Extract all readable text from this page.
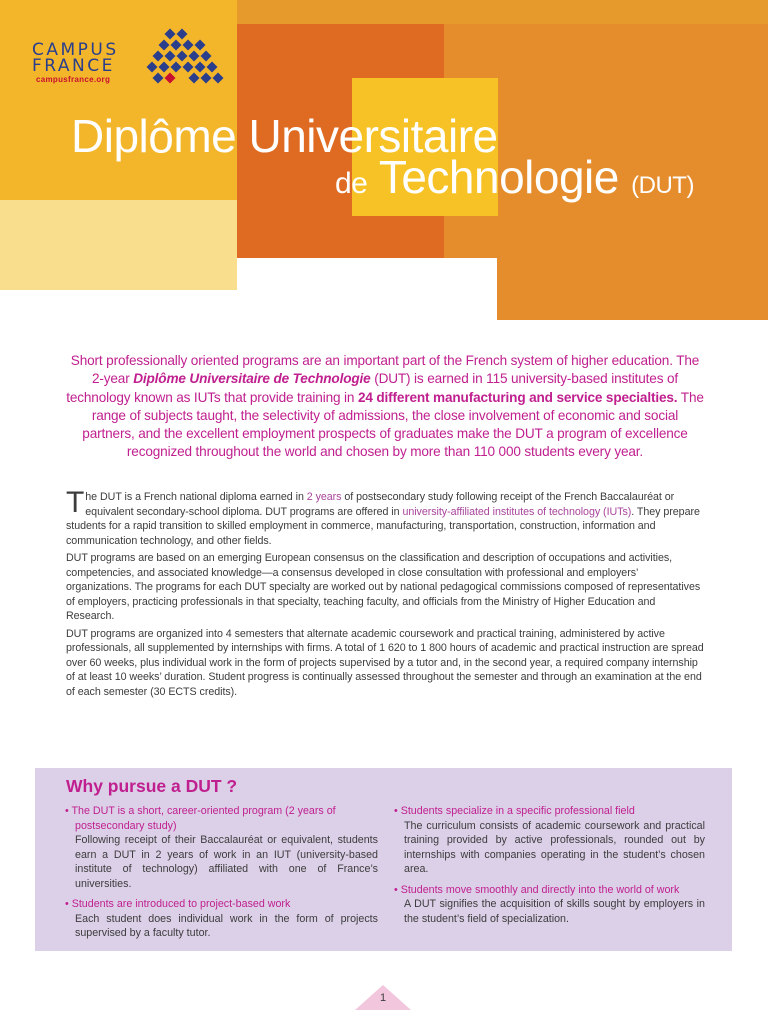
CAMPUS
FRANCE
campusfrance.org
Diplôme Universitaire
de Technologie (DUT)
Short professionally oriented programs are an important part of the French system of higher education. The 2-year Diplôme Universitaire de Technologie (DUT) is earned in 115 university-based institutes of technology known as IUTs that provide training in 24 different manufacturing and service specialties. The range of subjects taught, the selectivity of admissions, the close involvement of economic and social partners, and the excellent employment prospects of graduates make the DUT a program of excellence recognized throughout the world and chosen by more than 110 000 students every year.

The DUT is a French national diploma earned in 2 years of postsecondary study following receipt of the French Baccalauréat or equivalent secondary-school diploma. DUT programs are offered in university-affiliated institutes of technology (IUTs). They prepare students for a rapid transition to skilled employment in commerce, manufacturing, transportation, construction, information and communication technology, and other fields.

DUT programs are based on an emerging European consensus on the classification and description of occupations and activities, competencies, and associated knowledge—a consensus developed in close consultation with professional and employers’ organizations. The programs for each DUT specialty are worked out by national pedagogical commissions composed of representatives of employers, practicing professionals in that specialty, teaching faculty, and officials from the Ministry of Higher Education and Research.

DUT programs are organized into 4 semesters that alternate academic coursework and practical training, administered by active professionals, all supplemented by internships with firms. A total of 1 620 to 1 800 hours of academic and practical instruction are spread over 60 weeks, plus individual work in the form of projects supervised by a tutor and, in the second year, a required company internship of at least 10 weeks’ duration. Student progress is continually assessed throughout the semester and through an examination at the end of each semester (30 ECTS credits).

Why pursue a DUT ?
• The DUT is a short, career-oriented program (2 years of postsecondary study)
Following receipt of their Baccalauréat or equivalent, students earn a DUT in 2 years of work in an IUT (university-based institute of technology) affiliated with one of France’s universities.
• Students are introduced to project-based work
Each student does individual work in the form of projects supervised by a faculty tutor.
• Students specialize in a specific professional field
The curriculum consists of academic coursework and practical training provided by active professionals, rounded out by internships with companies operating in the student’s chosen area.
• Students move smoothly and directly into the world of work
A DUT signifies the acquisition of skills sought by employers in the student’s field of specialization.
1
